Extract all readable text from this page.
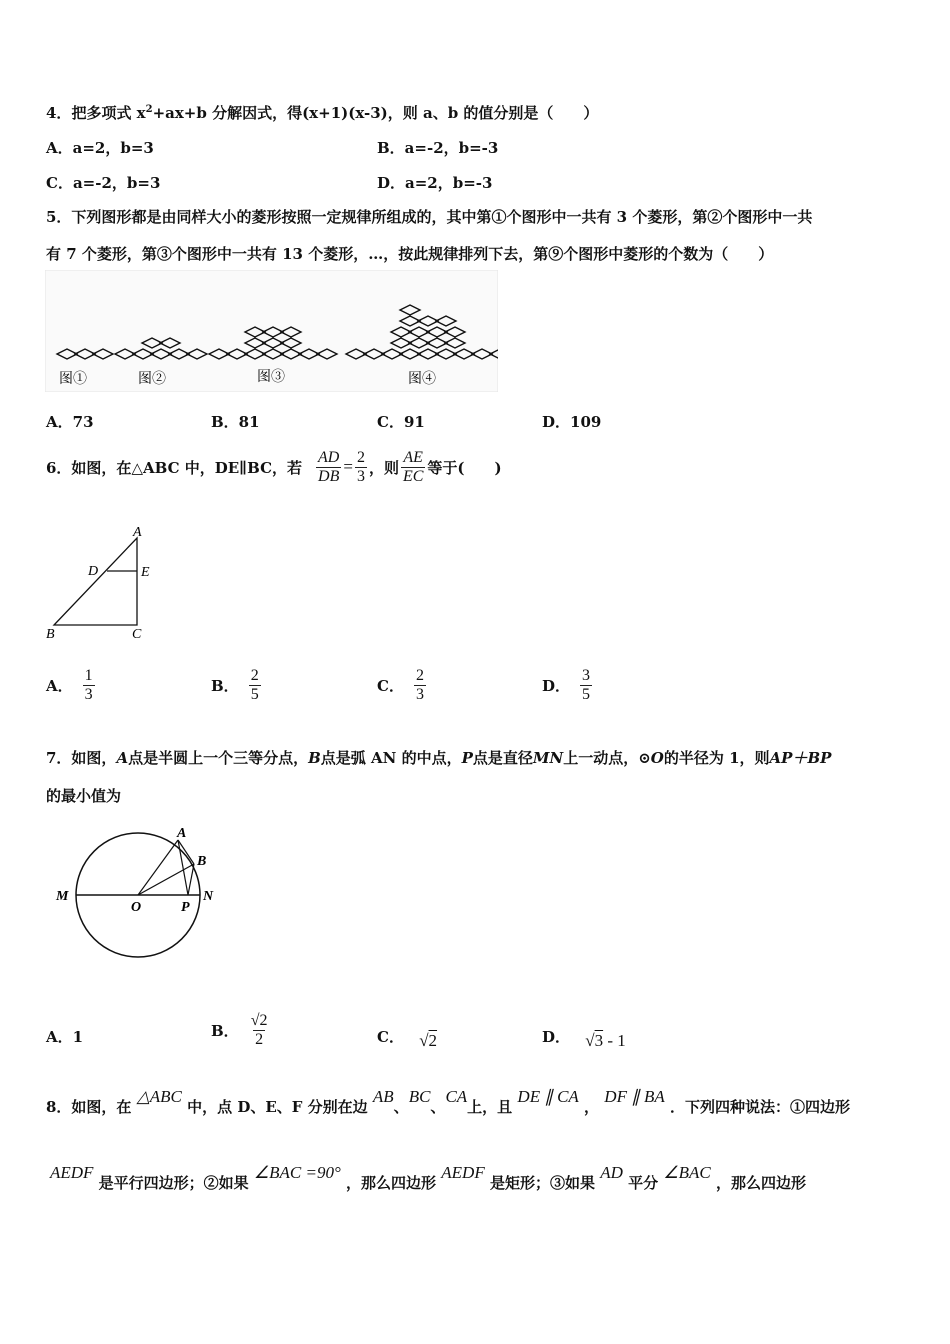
4．把多项式 $x^2+ax+b$ 分解因式，得(x+1)(x-3)，则 a、b 的值分别是（　　）
A．a=2，b=3	B．a=-2，b=-3
C．a=-2，b=3	D．a=2，b=-3
5．下列图形都是由同样大小的菱形按照一定规律所组成的，其中第①个图形中一共有 3 个菱形，第②个图形中一共
有 7 个菱形，第③个图形中一共有 13 个菱形，…，按此规律排列下去，第⑨个图形中菱形的个数为（　　）
图①	图②	图③	图④
A．73	B．81	C．91	D．109
6．如图，在△ABC 中，DE∥BC，若 $\frac{AD}{DB} = \frac{2}{3}$ ，则 $\frac{AE}{EC}$ 等于(　　)
A
D	E
B	C
A． $\frac{1}{3}$	B． $\frac{2}{5}$	C． $\frac{2}{3}$	D． $\frac{3}{5}$
7．如图，A点是半圆上一个三等分点，B点是弧 AN 的中点，P点是直径MN上一动点，⊙O的半径为 1，则AP＋BP
的最小值为
M	N
O	P
A
B
A．1	B． $\frac{√2}{2}$	C． √2	D． √3 - 1
8．如图，在 △ABC 中，点 D、E、F 分别在边 AB、BC、CA上，且 DE ∥ CA ， DF ∥ BA ．下列四种说法：①四边形
AEDF 是平行四边形；②如果 ∠BAC =90° ，那么四边形 AEDF 是矩形；③如果 AD 平分 ∠BAC ，那么四边形
